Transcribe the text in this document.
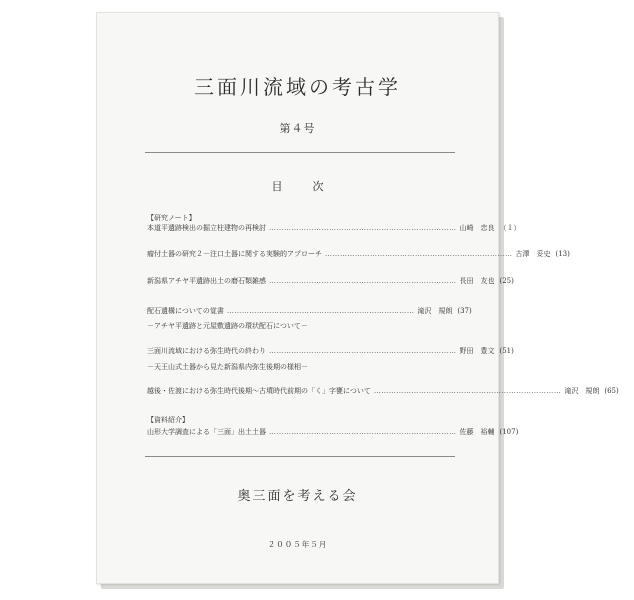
三面川流域の考古学
第４号
目	次
【研究ノート】
本道平遺跡検出の掘立柱建物の再検討 ………………………………………………………………… 山崎　忠良 （１）
瘤付土器の研究２－注口土器に関する実験的アプローチ ………………………………………………………………… 古澤　妥史 (13)
新潟県アチヤ平遺跡出土の磨石類雑感 ………………………………………………………………… 長田　友也 (25)
配石遺構についての覚書 ………………………………………………………………… 滝沢　規朗 (37)
－アチヤ平遺跡と元屋敷遺跡の環状配石について－
三面川流域における弥生時代の終わり ………………………………………………………………… 野田　豊文 (51)
－天王山式土器から見た新潟県内弥生後期の様相－
越後・佐渡における弥生時代後期～古墳時代前期の「く」字甕について ………………………………………………………………… 滝沢　規朗 (65)
【資料紹介】
山形大学調査による「三面」出土土器 ………………………………………………………………… 佐藤　裕輔 (107)
奥三面を考える会
２００５年５月
